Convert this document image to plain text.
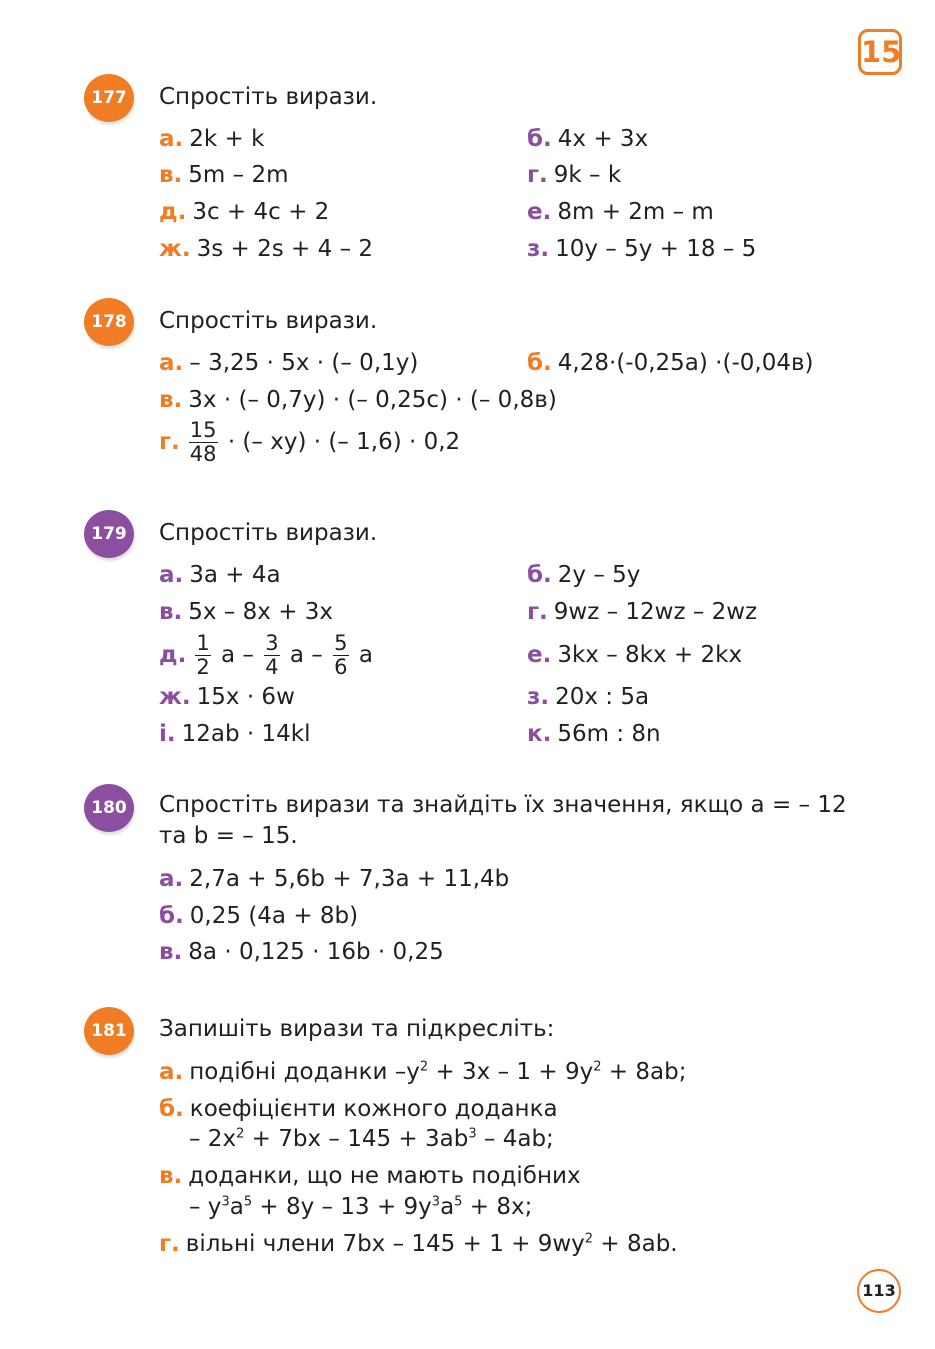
15
177	Спростіть вирази.
а. 2k + k	б. 4x + 3x
в. 5m – 2m	г. 9k – k
д. 3c + 4c + 2	е. 8m + 2m – m
ж. 3s + 2s + 4 – 2	з. 10y – 5y + 18 – 5
178	Спростіть вирази.
а. – 3,25 · 5x · (– 0,1y)	б. 4,28·(-0,25a) ·(-0,04в)
в. 3x · (– 0,7y) · (– 0,25c) · (– 0,8в)
г. $\frac{15}{48}$ · (– xy) · (– 1,6) · 0,2
179	Спростіть вирази.
а. 3a + 4a	б. 2y – 5y
в. 5x – 8x + 3x	г. 9wz – 12wz – 2wz
д. $\frac{1}{2}$ a – $\frac{3}{4}$ a – $\frac{5}{6}$ a	е. 3kx – 8kx + 2kx
ж. 15x · 6w	з. 20x : 5a
і. 12ab · 14kl	к. 56m : 8n
180	Спростіть вирази та знайдіть їх значення, якщо a = – 12
та b = – 15.
а. 2,7a + 5,6b + 7,3a + 11,4b
б. 0,25 (4a + 8b)
в. 8a · 0,125 · 16b · 0,25
181	Запишіть вирази та підкресліть:
а. подібні доданки $-y^2 + 3x - 1 + 9y^2 + 8ab$;
б. коефіцієнти кожного доданка
– $2x^2 + 7bx - 145 + 3ab^3 - 4ab$;
в. доданки, що не мають подібних
– $y^3a^5 + 8y - 13 + 9y^3a^5 + 8x$;
г. вільні члени $7bx - 145 + 1 + 9wy^2 + 8ab$.
113
